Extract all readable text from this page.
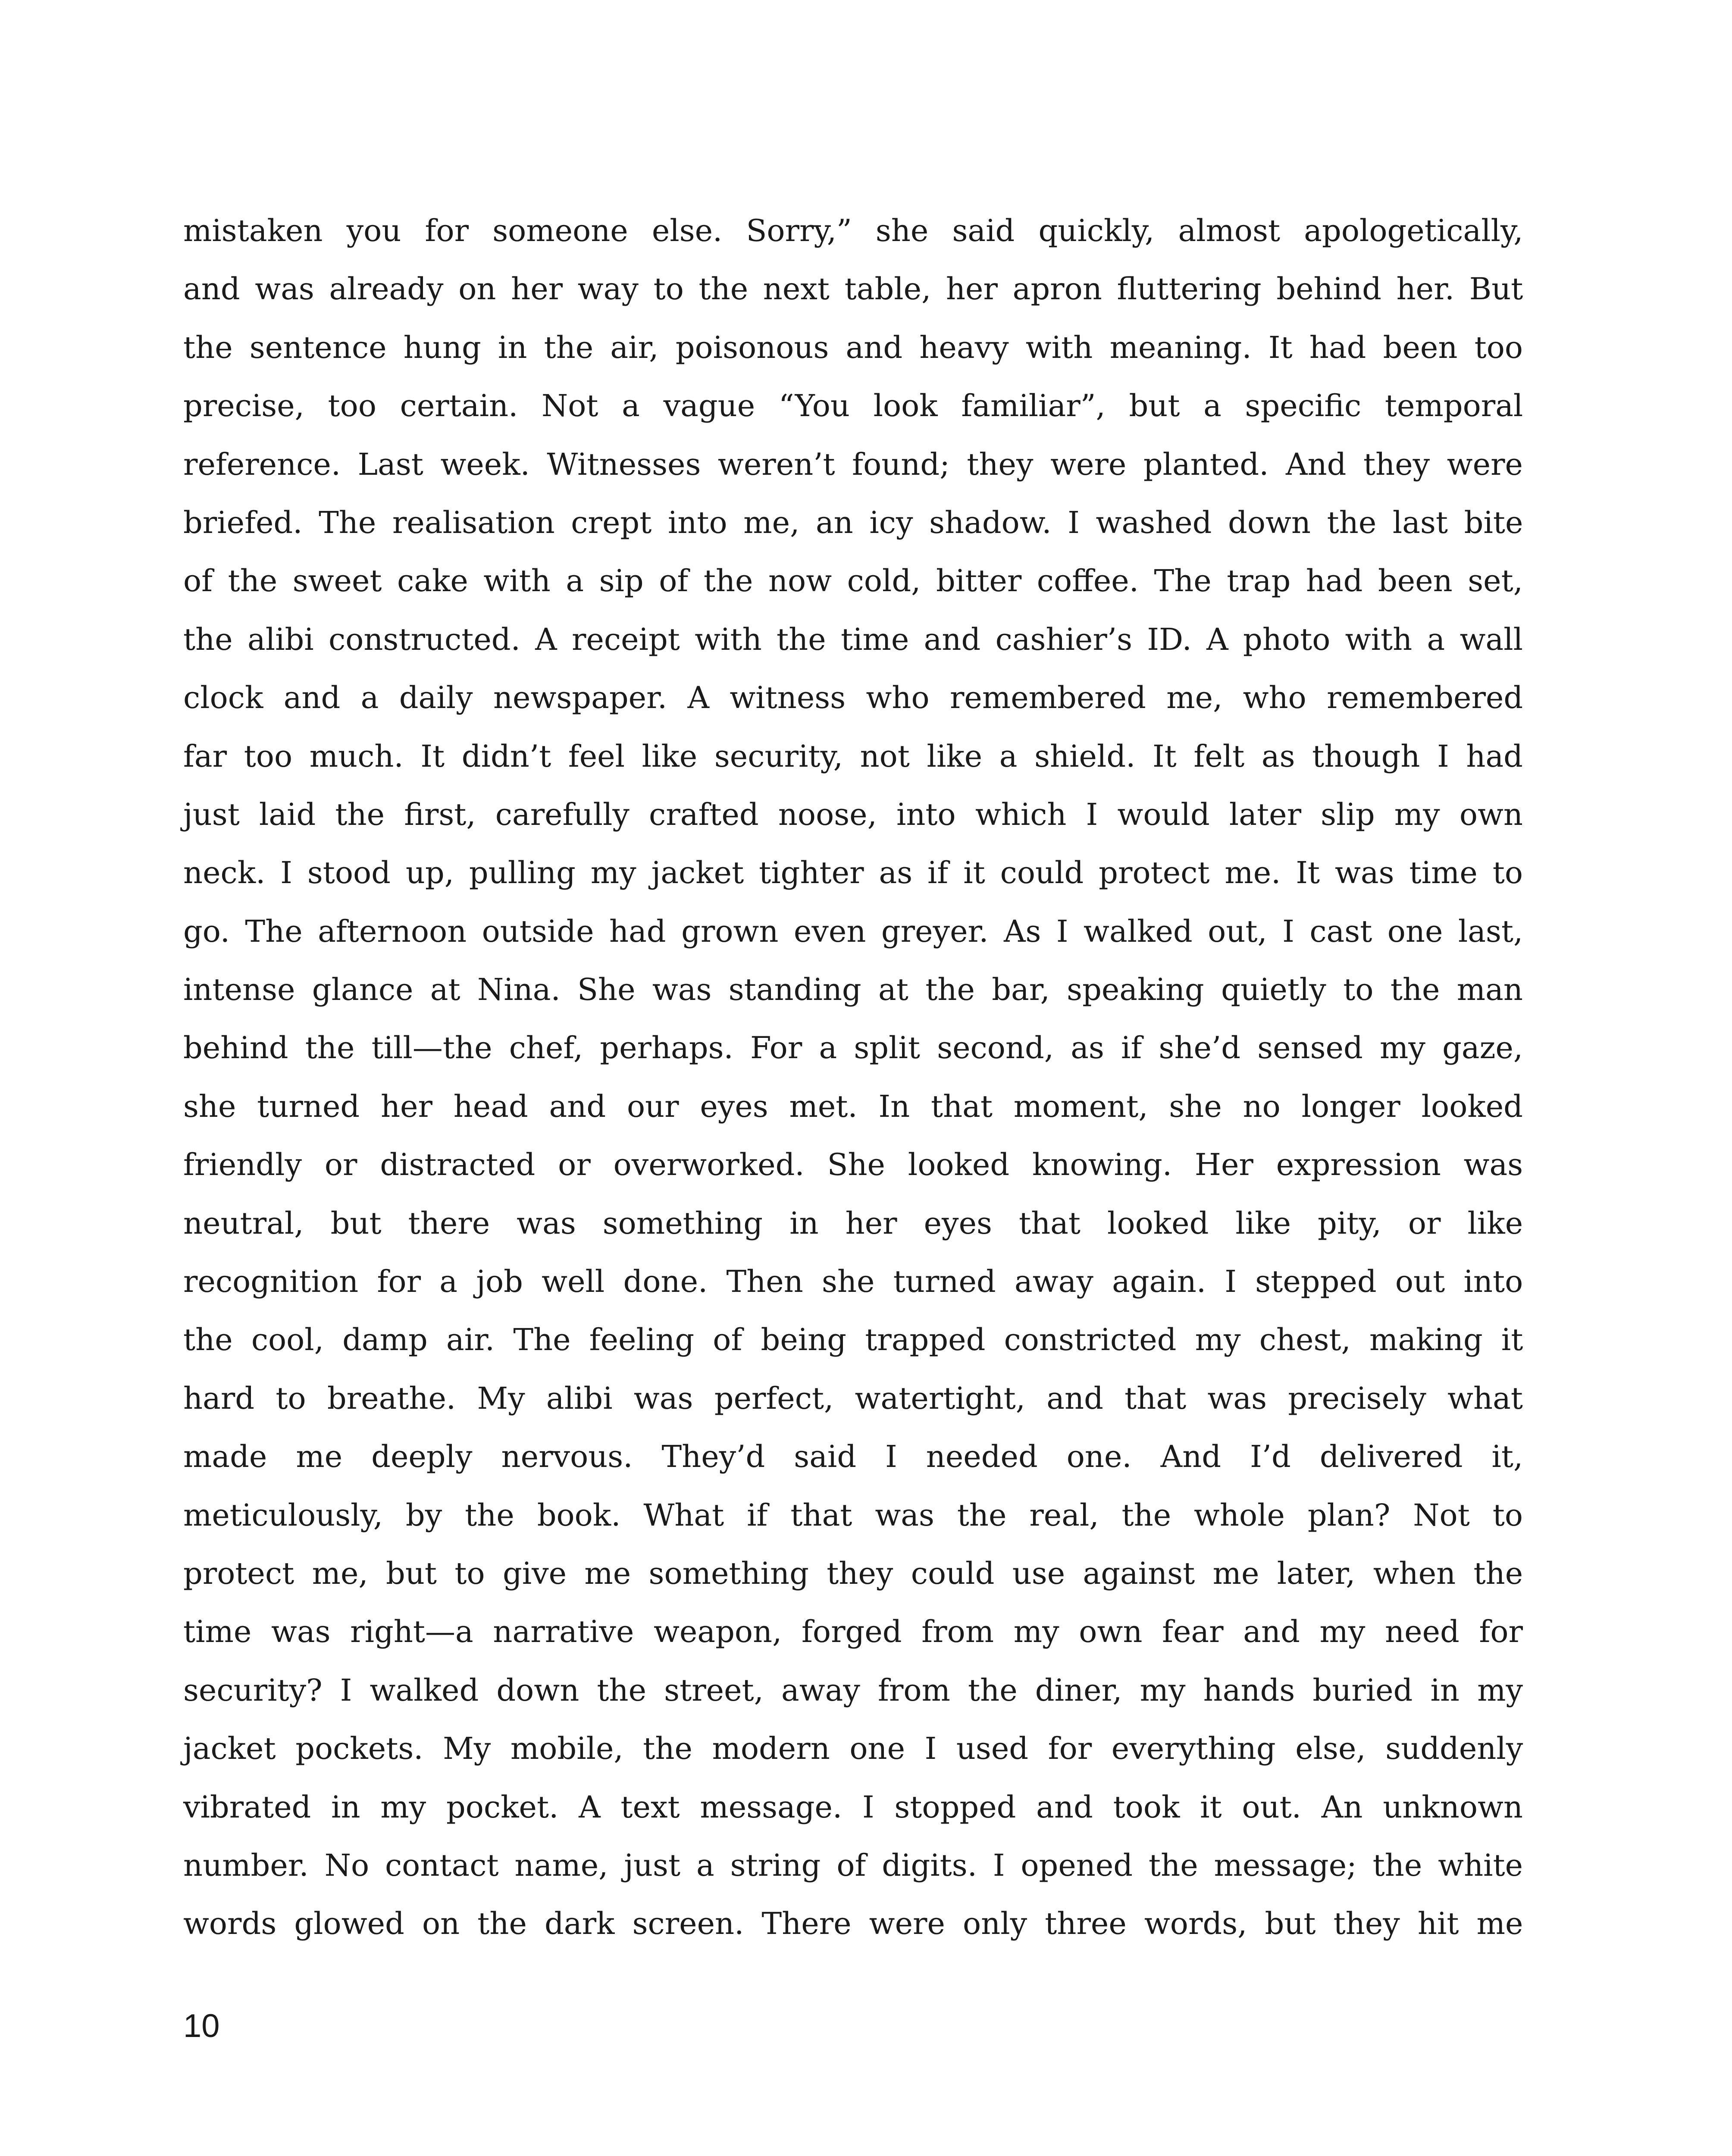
mistaken you for someone else. Sorry,” she said quickly, almost apologetically,
and was already on her way to the next table, her apron fluttering behind her. But
the sentence hung in the air, poisonous and heavy with meaning. It had been too
precise, too certain. Not a vague “You look familiar”, but a specific temporal
reference. Last week. Witnesses weren’t found; they were planted. And they were
briefed. The realisation crept into me, an icy shadow. I washed down the last bite
of the sweet cake with a sip of the now cold, bitter coffee. The trap had been set,
the alibi constructed. A receipt with the time and cashier’s ID. A photo with a wall
clock and a daily newspaper. A witness who remembered me, who remembered
far too much. It didn’t feel like security, not like a shield. It felt as though I had
just laid the first, carefully crafted noose, into which I would later slip my own
neck. I stood up, pulling my jacket tighter as if it could protect me. It was time to
go. The afternoon outside had grown even greyer. As I walked out, I cast one last,
intense glance at Nina. She was standing at the bar, speaking quietly to the man
behind the till—the chef, perhaps. For a split second, as if she’d sensed my gaze,
she turned her head and our eyes met. In that moment, she no longer looked
friendly or distracted or overworked. She looked knowing. Her expression was
neutral, but there was something in her eyes that looked like pity, or like
recognition for a job well done. Then she turned away again. I stepped out into
the cool, damp air. The feeling of being trapped constricted my chest, making it
hard to breathe. My alibi was perfect, watertight, and that was precisely what
made me deeply nervous. They’d said I needed one. And I’d delivered it,
meticulously, by the book. What if that was the real, the whole plan? Not to
protect me, but to give me something they could use against me later, when the
time was right—a narrative weapon, forged from my own fear and my need for
security? I walked down the street, away from the diner, my hands buried in my
jacket pockets. My mobile, the modern one I used for everything else, suddenly
vibrated in my pocket. A text message. I stopped and took it out. An unknown
number. No contact name, just a string of digits. I opened the message; the white
words glowed on the dark screen. There were only three words, but they hit me
10
